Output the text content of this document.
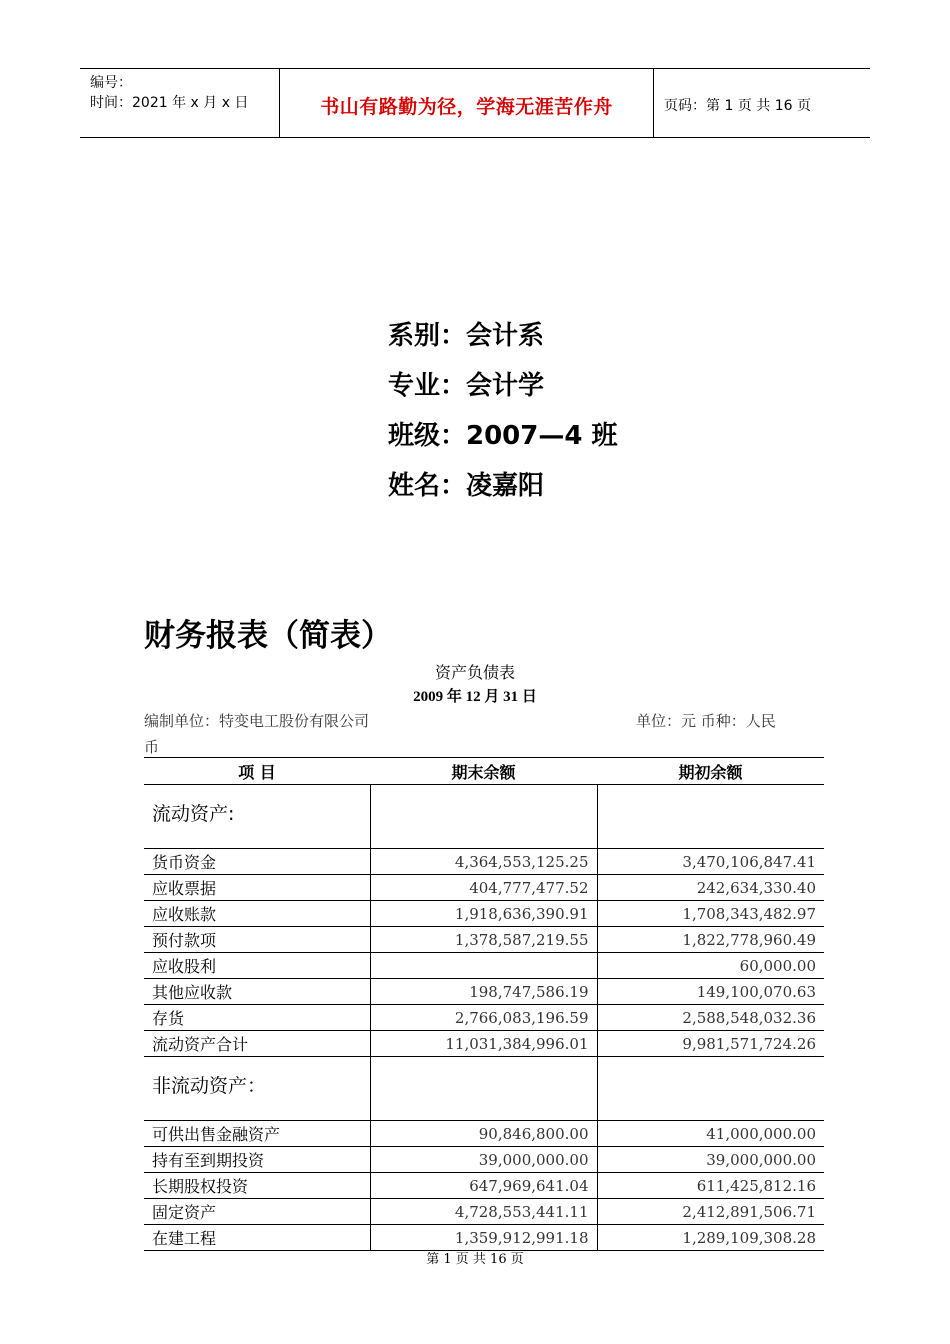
编号：
时间：2021 年 x 月 x 日	书山有路勤为径，学海无涯苦作舟	页码：第 1 页 共 16 页
系别：会计系
专业：会计学
班级：2007—4 班
姓名：凌嘉阳
财务报表（简表）
资产负债表
2009 年 12 月 31 日
编制单位：特变电工股份有限公司	单位：元 币种：人民
币
项 目	期末余额	期初余额
流动资产:		
货币资金	4,364,553,125.25	3,470,106,847.41
应收票据	404,777,477.52	242,634,330.40
应收账款	1,918,636,390.91	1,708,343,482.97
预付款项	1,378,587,219.55	1,822,778,960.49
应收股利		60,000.00
其他应收款	198,747,586.19	149,100,070.63
存货	2,766,083,196.59	2,588,548,032.36
流动资产合计	11,031,384,996.01	9,981,571,724.26
非流动资产：		
可供出售金融资产	90,846,800.00	41,000,000.00
持有至到期投资	39,000,000.00	39,000,000.00
长期股权投资	647,969,641.04	611,425,812.16
固定资产	4,728,553,441.11	2,412,891,506.71
在建工程	1,359,912,991.18	1,289,109,308.28
第 1 页 共 16 页
